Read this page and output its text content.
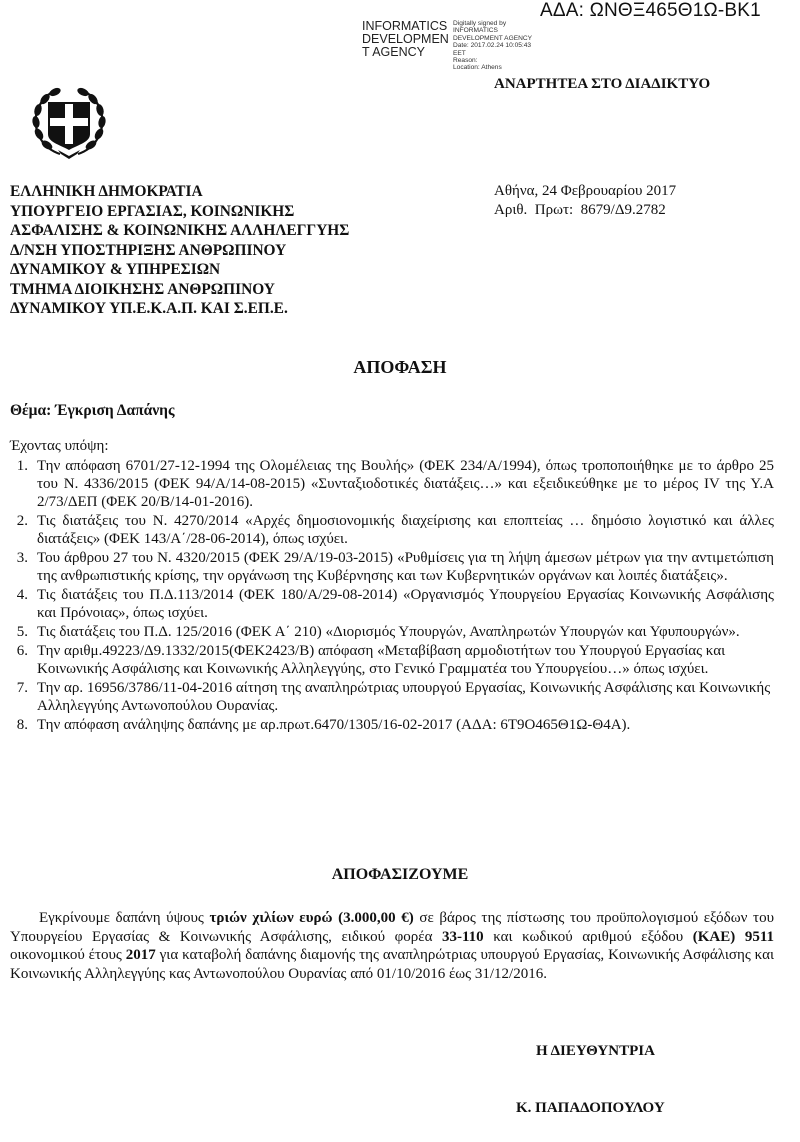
ΑΔΑ: ΩΝΘΞ465Θ1Ω-ΒΚ1
INFORMATICS
DEVELOPMEN
T AGENCY
Digitally signed by
INFORMATICS
DEVELOPMENT AGENCY
Date: 2017.02.24 10:05:43
EET
Reason:
Location: Athens
ΑΝΑΡΤΗΤΕΑ ΣΤΟ ΔΙΑΔΙΚΤΥΟ
ΕΛΛΗΝΙΚΗ ΔΗΜΟΚΡΑΤΙΑ
ΥΠΟΥΡΓΕΙΟ ΕΡΓΑΣΙΑΣ, ΚΟΙΝΩΝΙΚΗΣ
ΑΣΦΑΛΙΣΗΣ & ΚΟΙΝΩΝΙΚΗΣ ΑΛΛΗΛΕΓΓΥΗΣ
Δ/ΝΣΗ ΥΠΟΣΤΗΡΙΞΗΣ ΑΝΘΡΩΠΙΝΟΥ
ΔΥΝΑΜΙΚΟΥ & ΥΠΗΡΕΣΙΩΝ
ΤΜΗΜΑ ΔΙΟΙΚΗΣΗΣ ΑΝΘΡΩΠΙΝΟΥ
ΔΥΝΑΜΙΚΟΥ ΥΠ.Ε.Κ.Α.Π. ΚΑΙ Σ.ΕΠ.Ε.
Αθήνα, 24 Φεβρουαρίου 2017
Αριθ.  Πρωτ:  8679/Δ9.2782
ΑΠΟΦΑΣΗ
Θέμα: Έγκριση Δαπάνης
Έχοντας υπόψη:
1. Την απόφαση 6701/27-12-1994 της Ολομέλειας της Βουλής» (ΦΕΚ 234/Α/1994), όπως τροποποιήθηκε με το άρθρο 25 του Ν. 4336/2015 (ΦΕΚ 94/Α/14-08-2015) «Συνταξιοδοτικές διατάξεις…» και εξειδικεύθηκε με το μέρος IV της Υ.Α 2/73/ΔΕΠ (ΦΕΚ 20/Β/14-01-2016).
2. Τις διατάξεις του Ν. 4270/2014 «Αρχές δημοσιονομικής διαχείρισης και εποπτείας … δημόσιο λογιστικό και άλλες διατάξεις» (ΦΕΚ 143/Α΄/28-06-2014), όπως ισχύει.
3. Του άρθρου 27 του Ν. 4320/2015 (ΦΕΚ 29/Α/19-03-2015) «Ρυθμίσεις για τη λήψη άμεσων μέτρων για την αντιμετώπιση της ανθρωπιστικής κρίσης, την οργάνωση της Κυβέρνησης και των Κυβερνητικών οργάνων και λοιπές διατάξεις».
4. Τις διατάξεις του Π.Δ.113/2014 (ΦΕΚ 180/Α/29-08-2014) «Οργανισμός Υπουργείου Εργασίας Κοινωνικής Ασφάλισης και Πρόνοιας», όπως ισχύει.
5. Τις διατάξεις του Π.Δ. 125/2016 (ΦΕΚ Α΄ 210) «Διορισμός Υπουργών, Αναπληρωτών Υπουργών και Υφυπουργών».
6. Την αριθμ.49223/Δ9.1332/2015(ΦΕΚ2423/Β) απόφαση «Μεταβίβαση αρμοδιοτήτων του Υπουργού Εργασίας και Κοινωνικής Ασφάλισης και Κοινωνικής Αλληλεγγύης, στο Γενικό Γραμματέα του Υπουργείου…» όπως ισχύει.
7. Την αρ. 16956/3786/11-04-2016 αίτηση της αναπληρώτριας υπουργού Εργασίας, Κοινωνικής Ασφάλισης και Κοινωνικής Αλληλεγγύης Αντωνοπούλου Ουρανίας.
8. Την απόφαση ανάληψης δαπάνης με αρ.πρωτ.6470/1305/16-02-2017 (ΑΔΑ: 6Τ9Ο465Θ1Ω-Θ4Α).
ΑΠΟΦΑΣΙΖΟΥΜΕ
Εγκρίνουμε δαπάνη ύψους τριών χιλίων ευρώ (3.000,00 €) σε βάρος της πίστωσης του προϋπολογισμού εξόδων του Υπουργείου Εργασίας & Κοινωνικής Ασφάλισης, ειδικού φορέα 33-110 και κωδικού αριθμού εξόδου (ΚΑΕ) 9511 οικονομικού έτους 2017 για καταβολή δαπάνης διαμονής της αναπληρώτριας υπουργού Εργασίας, Κοινωνικής Ασφάλισης και Κοινωνικής Αλληλεγγύης κας Αντωνοπούλου Ουρανίας από 01/10/2016 έως 31/12/2016.
Η ΔΙΕΥΘΥΝΤΡΙΑ
Κ. ΠΑΠΑΔΟΠΟΥΛΟΥ
